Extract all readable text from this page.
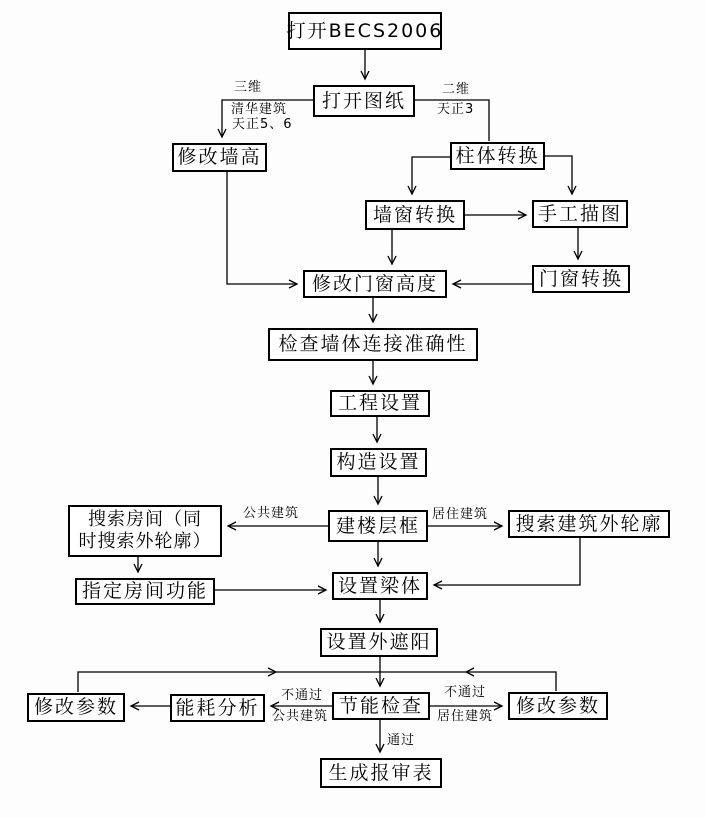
打开BECS2006
打开图纸
修改墙高	柱体转换
墙窗转换	手工描图
门窗转换
修改门窗高度
检查墙体连接准确性
工程设置
构造设置
建楼层框
搜索房间（同
时搜索外轮廓）
搜索建筑外轮廓
指定房间功能	设置梁体
设置外遮阳
节能检查
能耗分析
修改参数	修改参数
生成报审表
三维
清华建筑
天正5、6
二维
天正3
公共建筑	居住建筑
不通过
公共建筑
不通过
居住建筑
通过
